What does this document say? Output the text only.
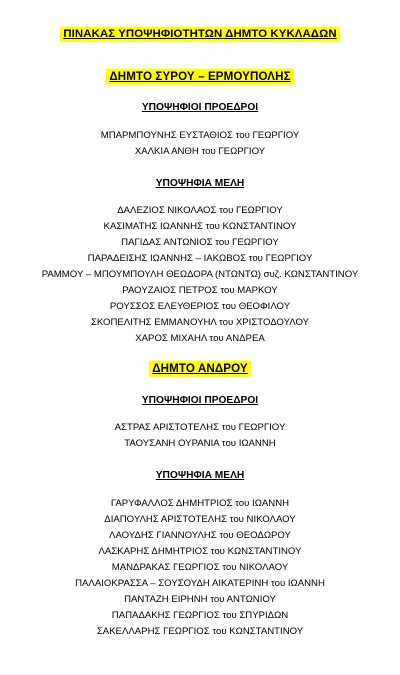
ΠΙΝΑΚΑΣ ΥΠΟΨΗΦΙΟΤΗΤΩΝ ΔΗΜΤΟ ΚΥΚΛΑΔΩΝ
ΔΗΜΤΟ ΣΥΡΟΥ – ΕΡΜΟΥΠΟΛΗΣ
ΥΠΟΨΗΦΙΟΙ ΠΡΟΕΔΡΟΙ
ΜΠΑΡΜΠΟΥΝΗΣ ΕΥΣΤΑΘΙΟΣ του ΓΕΩΡΓΙΟΥ
ΧΑΛΚΙΑ ΑΝΘΗ του ΓΕΩΡΓΙΟΥ
ΥΠΟΨΗΦΙΑ ΜΕΛΗ
ΔΑΛΕΖΙΟΣ ΝΙΚΟΛΑΟΣ του ΓΕΩΡΓΙΟΥ
ΚΑΣΙΜΑΤΗΣ ΙΩΑΝΝΗΣ του ΚΩΝΣΤΑΝΤΙΝΟΥ
ΠΑΓΙΔΑΣ ΑΝΤΩΝΙΟΣ του ΓΕΩΡΓΙΟΥ
ΠΑΡΑΔΕΙΣΗΣ ΙΩΑΝΝΗΣ – ΙΑΚΩΒΟΣ του ΓΕΩΡΓΙΟΥ
ΡΑΜΜΟΥ – ΜΠΟΥΜΠΟΥΛΗ ΘΕΩΔΟΡΑ (ΝΤΩΝΤΩ) συζ. ΚΩΝΣΤΑΝΤΙΝΟΥ
ΡΑΟΥΖΑΙΟΣ ΠΕΤΡΟΣ του ΜΑΡΚΟΥ
ΡΟΥΣΣΟΣ ΕΛΕΥΘΕΡΙΟΣ του ΘΕΟΦΙΛΟΥ
ΣΚΟΠΕΛΙΤΗΣ ΕΜΜΑΝΟΥΗΛ του ΧΡΙΣΤΟΔΟΥΛΟΥ
ΧΑΡΟΣ ΜΙΧΑΗΛ του ΑΝΔΡΕΑ
ΔΗΜΤΟ ΑΝΔΡΟΥ
ΥΠΟΨΗΦΙΟΙ ΠΡΟΕΔΡΟΙ
ΑΣΤΡΑΣ ΑΡΙΣΤΟΤΕΛΗΣ του ΓΕΩΡΓΙΟΥ
ΤΑΟΥΣΑΝΗ ΟΥΡΑΝΙΑ του ΙΩΑΝΝΗ
ΥΠΟΨΗΦΙΑ ΜΕΛΗ
ΓΑΡΥΦΑΛΛΟΣ ΔΗΜΗΤΡΙΟΣ του ΙΩΑΝΝΗ
ΔΙΑΠΟΥΛΗΣ ΑΡΙΣΤΟΤΕΛΗΣ του ΝΙΚΟΛΑΟΥ
ΛΑΟΥΔΗΣ ΓΙΑΝΝΟΥΛΗΣ του ΘΕΟΔΩΡΟΥ
ΛΑΣΚΑΡΗΣ ΔΗΜΗΤΡΙΟΣ του ΚΩΝΣΤΑΝΤΙΝΟΥ
ΜΑΝΔΡΑΚΑΣ ΓΕΩΡΓΙΟΣ του ΝΙΚΟΛΑΟΥ
ΠΑΛΑΙΟΚΡΑΣΣΑ – ΣΟΥΣΟΥΔΗ ΑΙΚΑΤΕΡΙΝΗ του ΙΩΑΝΝΗ
ΠΑΝΤΑΖΗ ΕΙΡΗΝΗ του ΑΝΤΩΝΙΟΥ
ΠΑΠΑΔΑΚΗΣ ΓΕΩΡΓΙΟΣ του ΣΠΥΡΙΔΩΝ
ΣΑΚΕΛΛΑΡΗΣ ΓΕΩΡΓΙΟΣ του ΚΩΝΣΤΑΝΤΙΝΟΥ
